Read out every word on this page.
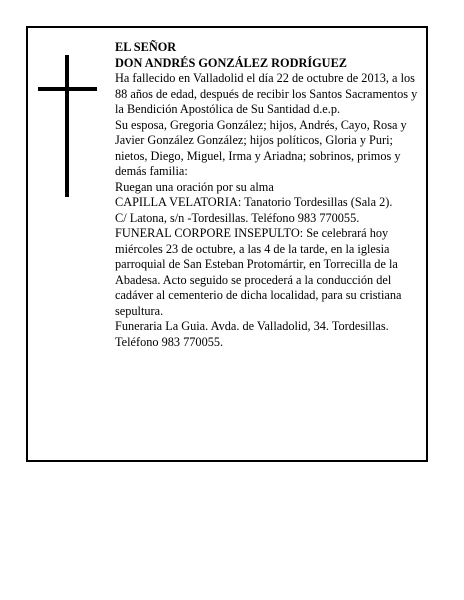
EL SEÑOR

DON ANDRÉS GONZÁLEZ RODRÍGUEZ

Ha fallecido en Valladolid el día 22 de octubre de 2013, a los 88 años de edad, después de recibir los Santos Sacramentos y la Bendición Apostólica de Su Santidad d.e.p.

Su esposa, Gregoria González; hijos, Andrés, Cayo, Rosa y Javier González González; hijos políticos, Gloria y Puri; nietos, Diego, Miguel, Irma y Ariadna; sobrinos, primos y demás familia:

Ruegan una oración por su alma

CAPILLA VELATORIA: Tanatorio Tordesillas (Sala 2).

C/ Latona, s/n -Tordesillas. Teléfono 983 770055.

FUNERAL CORPORE INSEPULTO: Se celebrará hoy miércoles 23 de octubre, a las 4 de la tarde, en la iglesia parroquial de San Esteban Protomártir, en Torrecilla de la Abadesa. Acto seguido se procederá a la conducción del cadáver al cementerio de dicha localidad, para su cristiana sepultura.

Funeraria La Guia. Avda. de Valladolid, 34. Tordesillas. Teléfono 983 770055.
